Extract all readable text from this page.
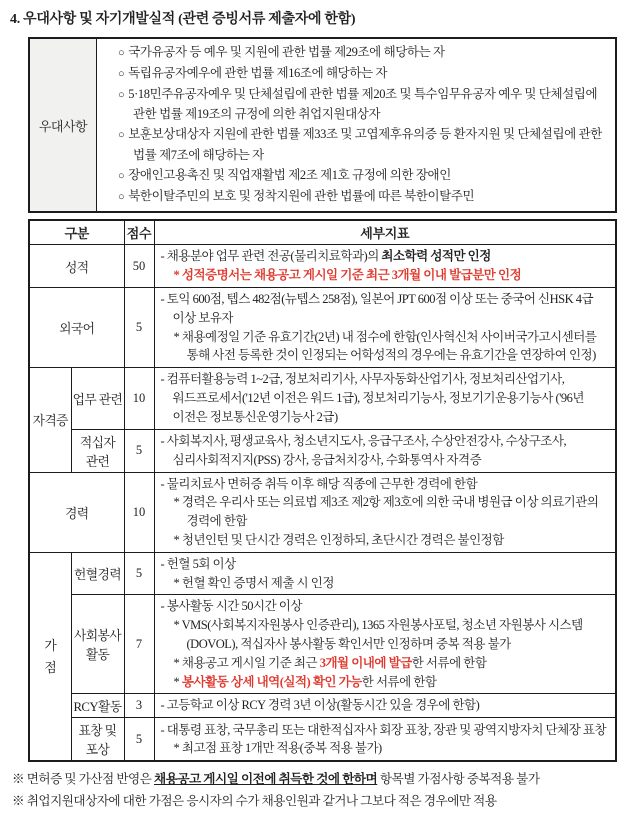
4. 우대사항 및 자기개발실적 (관련 증빙서류 제출자에 한함)
우대사항	
○ 국가유공자 등 예우 및 지원에 관한 법률 제29조에 해당하는 자
○ 독립유공자예우에 관한 법률 제16조에 해당하는 자
○ 5·18민주유공자예우 및 단체설립에 관한 법률 제20조 및 특수임무유공자 예우 및 단체설립에 관한 법률 제19조의 규정에 의한 취업지원대상자
○ 보훈보상대상자 지원에 관한 법률 제33조 및 고엽제후유의증 등 환자지원 및 단체설립에 관한 법률 제7조에 해당하는 자
○ 장애인고용촉진 및 직업재활법 제2조 제1호 규정에 의한 장애인
○ 북한이탈주민의 보호 및 정착지원에 관한 법률에 따른 북한이탈주민
구분		점수	세부지표
성적		50	- 채용분야 업무 관련 전공(물리치료학과)의 최소학력 성적만 인정
* 성적증명서는 채용공고 게시일 기준 최근 3개월 이내 발급분만 인정

외국어		5	- 토익 600점, 텝스 482점(뉴텝스 258점), 일본어 JPT 600점 이상 또는 중국어 신HSK 4급 이상 보유자
* 채용예정일 기준 유효기간(2년) 내 점수에 한함(인사혁신처 사이버국가고시센터를 통해 사전 등록한 것이 인정되는 어학성적의 경우에는 유효기간을 연장하여 인정)

자격증	업무 관련	10	- 컴퓨터활용능력 1~2급, 정보처리기사, 사무자동화산업기사, 정보처리산업기사, 워드프로세서('12년 이전은 워드 1급), 정보처리기능사, 정보기기운용기능사 ('96년 이전은 정보통신운영기능사 2급)

	적십자 관련	5	- 사회복지사, 평생교육사, 청소년지도사, 응급구조사, 수상안전강사, 수상구조사, 심리사회적지지(PSS) 강사, 응급처치강사, 수화통역사 자격증

경력		10	- 물리치료사 면허증 취득 이후 해당 직종에 근무한 경력에 한함
* 경력은 우리사 또는 의료법 제3조 제2항 제3호에 의한 국내 병원급 이상 의료기관의 경력에 한함
* 청년인턴 및 단시간 경력은 인정하되, 초단시간 경력은 불인정함

가점	헌혈경력	5	- 헌혈 5회 이상
* 헌혈 확인 증명서 제출 시 인정

	사회봉사 활동	7	- 봉사활동 시간 50시간 이상
* VMS(사회복지자원봉사 인증관리), 1365 자원봉사포털, 청소년 자원봉사 시스템(DOVOL), 적십자사 봉사활동 확인서만 인정하며 중복 적용 불가
* 채용공고 게시일 기준 최근 3개월 이내에 발급한 서류에 한함
* 봉사활동 상세 내역(실적) 확인 가능한 서류에 한함

	RCY활동	3	- 고등학교 이상 RCY 경력 3년 이상(활동시간 있을 경우에 한함)

	표창 및 포상	5	- 대통령 표창, 국무총리 또는 대한적십자사 회장 표창, 장관 및 광역지방자치 단체장 표창
* 최고점 표창 1개만 적용(중복 적용 불가)
※ 면허증 및 가산점 반영은 채용공고 게시일 이전에 취득한 것에 한하며 항목별 가점사항 중복적용 불가
※ 취업지원대상자에 대한 가점은 응시자의 수가 채용인원과 같거나 그보다 적은 경우에만 적용
